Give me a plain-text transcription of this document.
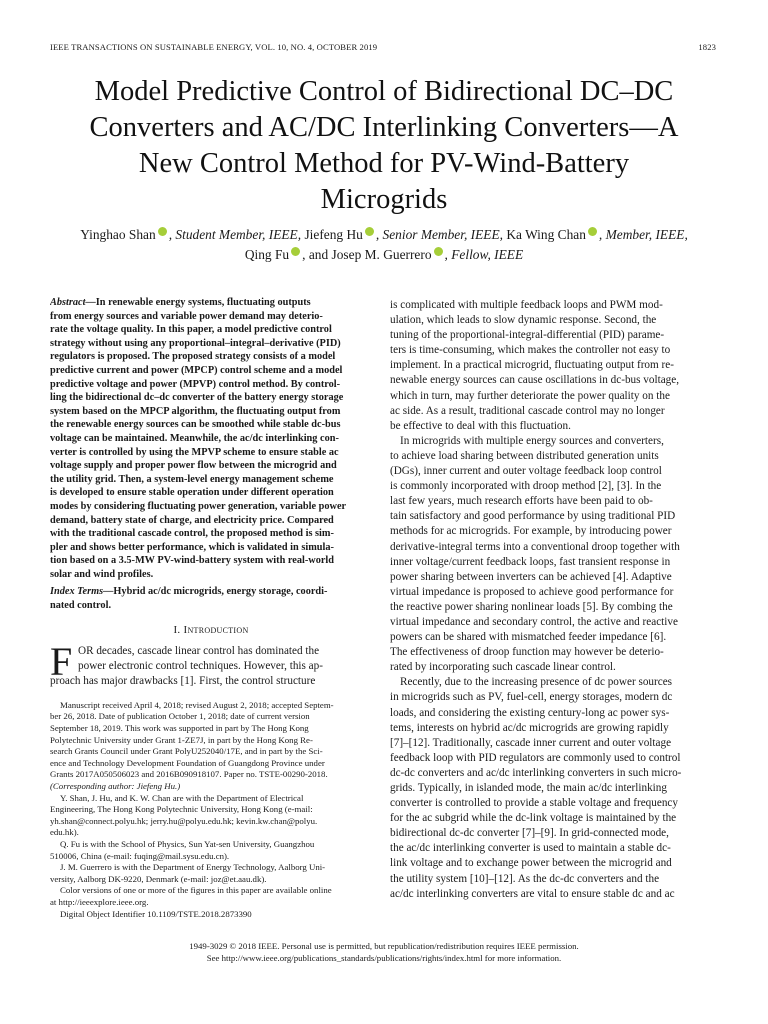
IEEE TRANSACTIONS ON SUSTAINABLE ENERGY, VOL. 10, NO. 4, OCTOBER 2019	1823
Model Predictive Control of Bidirectional DC–DC
Converters and AC/DC Interlinking Converters—A
New Control Method for PV-Wind-Battery
Microgrids
Yinghao Shan , Student Member, IEEE, Jiefeng Hu , Senior Member, IEEE, Ka Wing Chan , Member, IEEE,
Qing Fu , and Josep M. Guerrero , Fellow, IEEE
Abstract—In renewable energy systems, fluctuating outputs
from energy sources and variable power demand may deterio-
rate the voltage quality. In this paper, a model predictive control
strategy without using any proportional–integral–derivative (PID)
regulators is proposed. The proposed strategy consists of a model
predictive current and power (MPCP) control scheme and a model
predictive voltage and power (MPVP) control method. By control-
ling the bidirectional dc–dc converter of the battery energy storage
system based on the MPCP algorithm, the fluctuating output from
the renewable energy sources can be smoothed while stable dc-bus
voltage can be maintained. Meanwhile, the ac/dc interlinking con-
verter is controlled by using the MPVP scheme to ensure stable ac
voltage supply and proper power flow between the microgrid and
the utility grid. Then, a system-level energy management scheme
is developed to ensure stable operation under different operation
modes by considering fluctuating power generation, variable power
demand, battery state of charge, and electricity price. Compared
with the traditional cascade control, the proposed method is sim-
pler and shows better performance, which is validated in simula-
tion based on a 3.5-MW PV-wind-battery system with real-world
solar and wind profiles.
Index Terms—Hybrid ac/dc microgrids, energy storage, coordi-
nated control.
I. Introduction
F OR decades, cascade linear control has dominated the
power electronic control techniques. However, this ap-
proach has major drawbacks [1]. First, the control structure
Manuscript received April 4, 2018; revised August 2, 2018; accepted Septem-
ber 26, 2018. Date of publication October 1, 2018; date of current version
September 18, 2019. This work was supported in part by The Hong Kong
Polytechnic University under Grant 1-ZE7J, in part by the Hong Kong Re-
search Grants Council under Grant PolyU252040/17E, and in part by the Sci-
ence and Technology Development Foundation of Guangdong Province under
Grants 2017A050506023 and 2016B090918107. Paper no. TSTE-00290-2018.
(Corresponding author: Jiefeng Hu.)
Y. Shan, J. Hu, and K. W. Chan are with the Department of Electrical
Engineering, The Hong Kong Polytechnic University, Hong Kong (e-mail:
yh.shan@connect.polyu.hk; jerry.hu@polyu.edu.hk; kevin.kw.chan@polyu.
edu.hk).
Q. Fu is with the School of Physics, Sun Yat-sen University, Guangzhou
510006, China (e-mail: fuqing@mail.sysu.edu.cn).
J. M. Guerrero is with the Department of Energy Technology, Aalborg Uni-
versity, Aalborg DK-9220, Denmark (e-mail: joz@et.aau.dk).
Color versions of one or more of the figures in this paper are available online
at http://ieeexplore.ieee.org.
Digital Object Identifier 10.1109/TSTE.2018.2873390
is complicated with multiple feedback loops and PWM mod-
ulation, which leads to slow dynamic response. Second, the
tuning of the proportional-integral-differential (PID) parame-
ters is time-consuming, which makes the controller not easy to
implement. In a practical microgrid, fluctuating output from re-
newable energy sources can cause oscillations in dc-bus voltage,
which in turn, may further deteriorate the power quality on the
ac side. As a result, traditional cascade control may no longer
be effective to deal with this fluctuation.
In microgrids with multiple energy sources and converters,
to achieve load sharing between distributed generation units
(DGs), inner current and outer voltage feedback loop control
is commonly incorporated with droop method [2], [3]. In the
last few years, much research efforts have been paid to ob-
tain satisfactory and good performance by using traditional PID
methods for ac microgrids. For example, by introducing power
derivative-integral terms into a conventional droop together with
inner voltage/current feedback loops, fast transient response in
power sharing between inverters can be achieved [4]. Adaptive
virtual impedance is proposed to achieve good performance for
the reactive power sharing nonlinear loads [5]. By combing the
virtual impedance and secondary control, the active and reactive
powers can be shared with mismatched feeder impedance [6].
The effectiveness of droop function may however be deterio-
rated by incorporating such cascade linear control.
Recently, due to the increasing presence of dc power sources
in microgrids such as PV, fuel-cell, energy storages, modern dc
loads, and considering the existing century-long ac power sys-
tems, interests on hybrid ac/dc microgrids are growing rapidly
[7]–[12]. Traditionally, cascade inner current and outer voltage
feedback loop with PID regulators are commonly used to control
dc-dc converters and ac/dc interlinking converters in such micro-
grids. Typically, in islanded mode, the main ac/dc interlinking
converter is controlled to provide a stable voltage and frequency
for the ac subgrid while the dc-link voltage is maintained by the
bidirectional dc-dc converter [7]–[9]. In grid-connected mode,
the ac/dc interlinking converter is used to maintain a stable dc-
link voltage and to exchange power between the microgrid and
the utility system [10]–[12]. As the dc-dc converters and the
ac/dc interlinking converters are vital to ensure stable dc and ac
1949-3029 © 2018 IEEE. Personal use is permitted, but republication/redistribution requires IEEE permission.
See http://www.ieee.org/publications_standards/publications/rights/index.html for more information.
